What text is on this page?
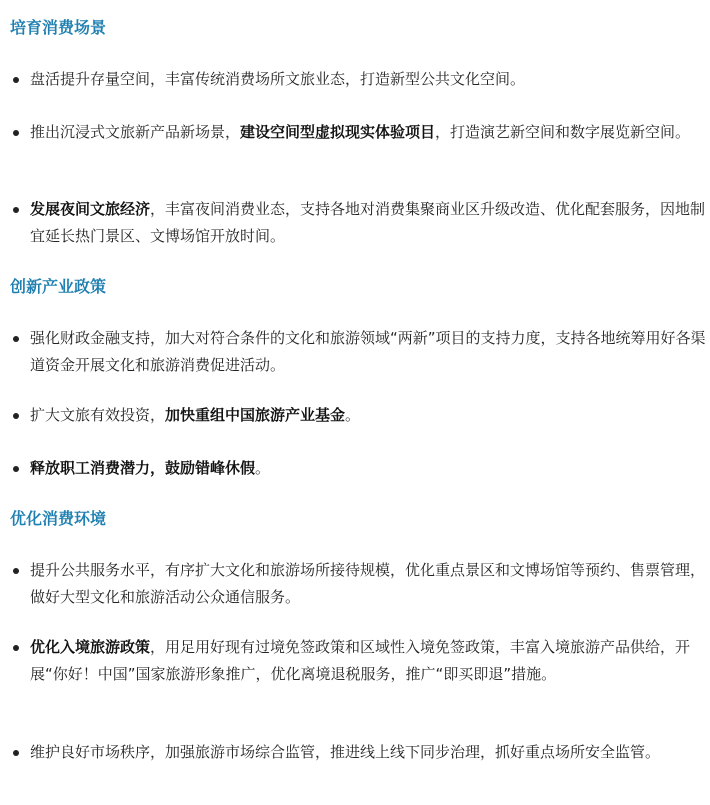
培育消费场景
盘活提升存量空间，丰富传统消费场所文旅业态，打造新型公共文化空间。
推出沉浸式文旅新产品新场景，建设空间型虚拟现实体验项目，打造演艺新空间和数字展览新空间。
发展夜间文旅经济，丰富夜间消费业态，支持各地对消费集聚商业区升级改造、优化配套服务，因地制宜延长热门景区、文博场馆开放时间。
创新产业政策
强化财政金融支持，加大对符合条件的文化和旅游领域“两新”项目的支持力度，支持各地统筹用好各渠道资金开展文化和旅游消费促进活动。
扩大文旅有效投资，加快重组中国旅游产业基金。
释放职工消费潜力，鼓励错峰休假。
优化消费环境
提升公共服务水平，有序扩大文化和旅游场所接待规模，优化重点景区和文博场馆等预约、售票管理，做好大型文化和旅游活动公众通信服务。
优化入境旅游政策，用足用好现有过境免签政策和区域性入境免签政策，丰富入境旅游产品供给，开展“你好！中国”国家旅游形象推广，优化离境退税服务，推广“即买即退”措施。
维护良好市场秩序，加强旅游市场综合监管，推进线上线下同步治理，抓好重点场所安全监管。
